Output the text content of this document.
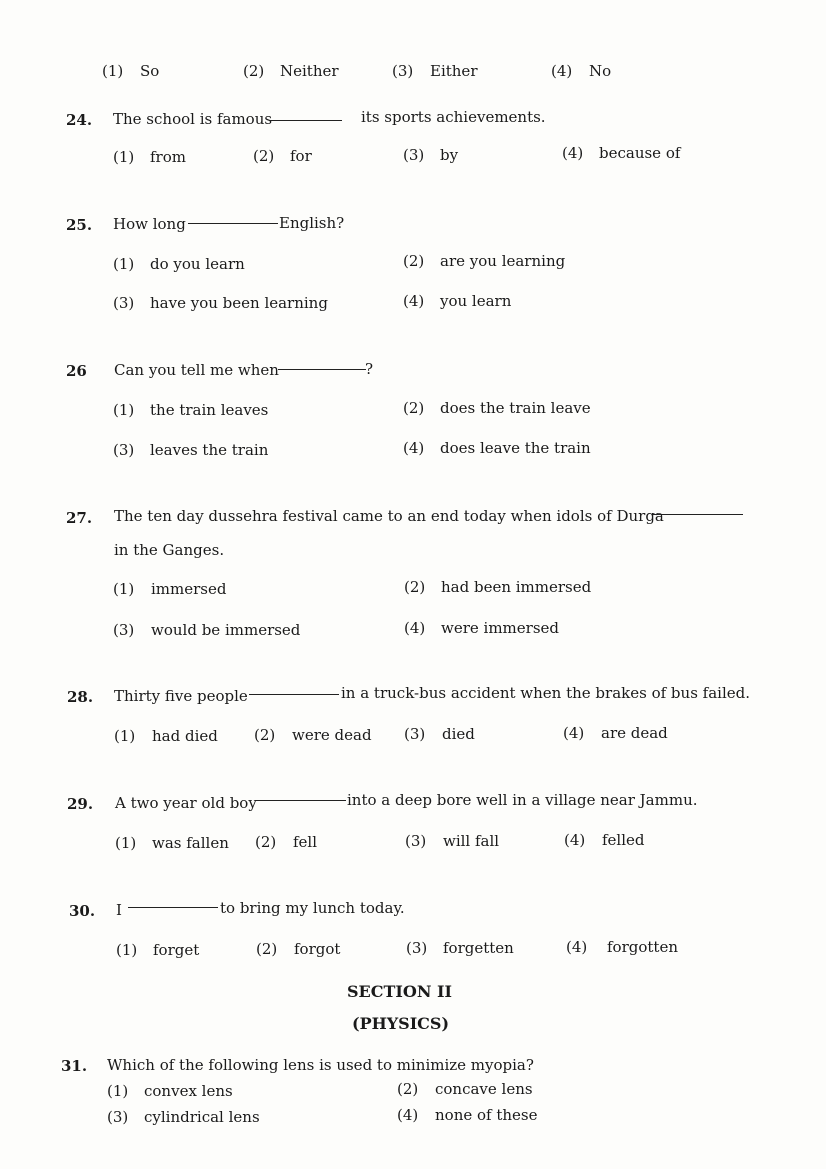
(1) So	(2) Neither	(3) Either	(4) No
24. The school is famous	its sports achievements.
(1) from	(2) for	(3) by	(4) because of
25. How long	English?
(1) do you learn	(2) are you learning
(3) have you been learning	(4) you learn
26 Can you tell me when	?
(1) the train leaves	(2) does the train leave
(3) leaves the train	(4) does leave the train
27. The ten day dussehra festival came to an end today when idols of Durga
in the Ganges.
(1) immersed	(2) had been immersed
(3) would be immersed	(4) were immersed
28. Thirty five people	in a truck-bus accident when the brakes of bus failed.
(1) had died (2) were dead (3) died	(4) are dead
29. A two year old boy	into a deep bore well in a village near Jammu.
(1) was fallen (2) fell	(3) will fall	(4) felled
30. I	to bring my lunch today.
(1) forget	(2) forgot	(3) forgetten	(4) forgotten
SECTION II
(PHYSICS)
31. Which of the following lens is used to minimize myopia?
(1) convex lens	(2) concave lens
(3) cylindrical lens	(4) none of these
